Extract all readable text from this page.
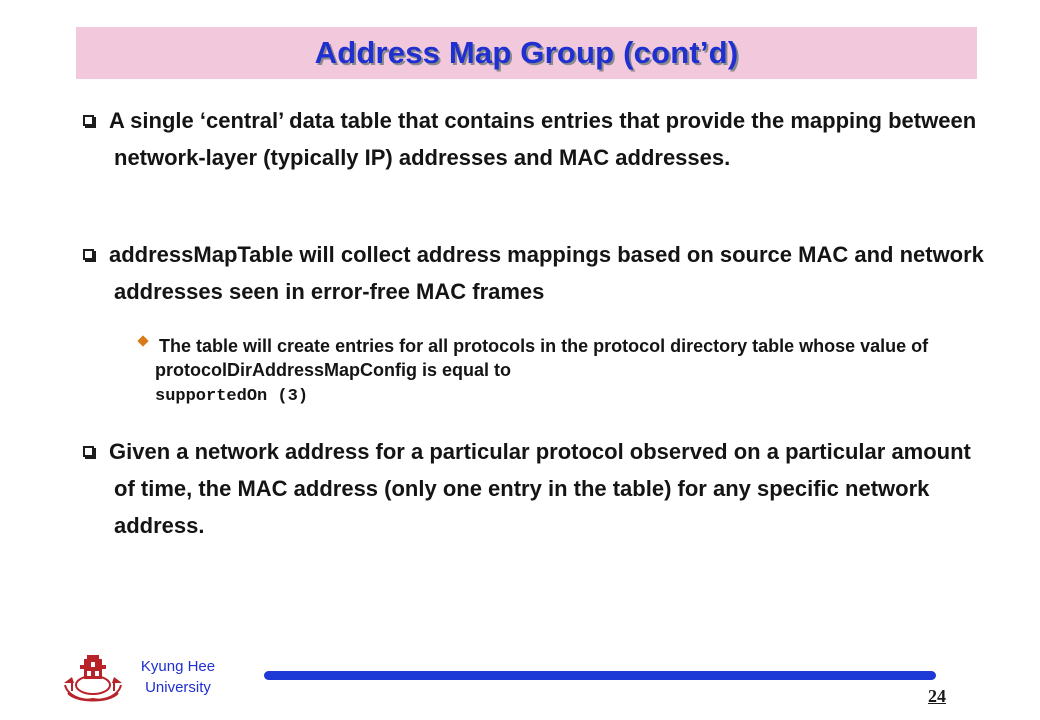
Address Map Group (cont’d)
A single ‘central’ data table that contains entries that provide the mapping between network-layer (typically IP) addresses and MAC addresses.
addressMapTable will collect address mappings based on source MAC and network addresses seen in error-free MAC frames
The table will create entries for all protocols in the protocol directory table whose value of protocolDirAddressMapConfig is equal to
supportedOn (3)
Given a network address for a particular protocol observed on a particular amount of time, the MAC address (only one entry in the table) for any specific network address.
Kyung Hee
University	24
